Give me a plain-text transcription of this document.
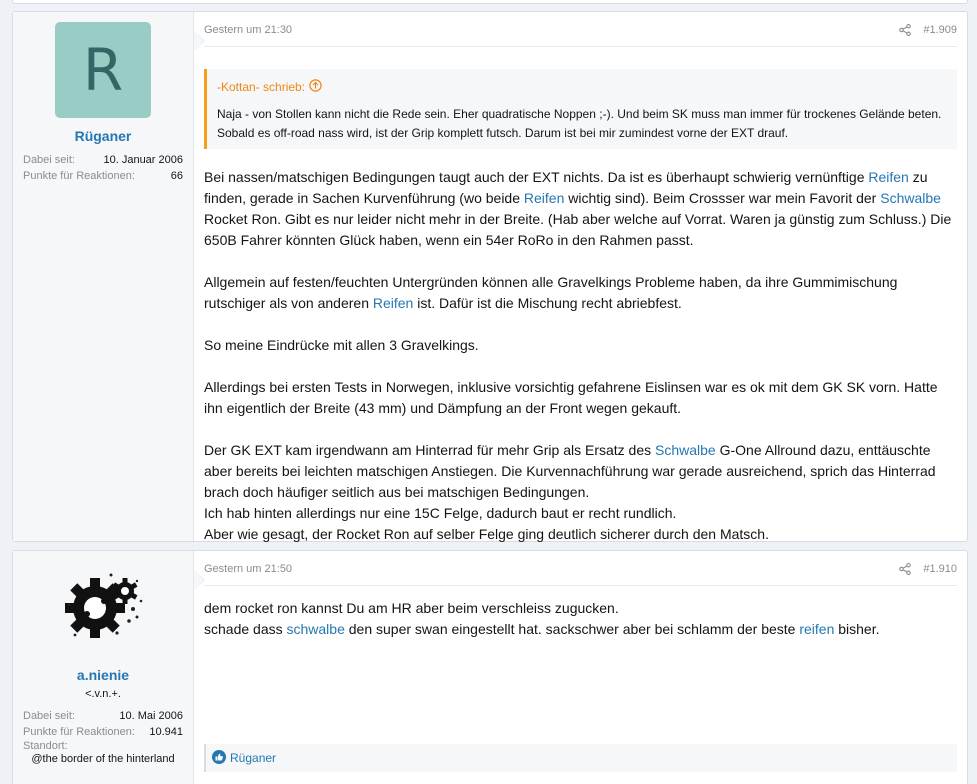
R
Rüganer
Dabei seit:	10. Januar 2006
Punkte für Reaktionen:	66
Gestern um 21:30	#1.909
-Kottan- schrieb:
Naja - von Stollen kann nicht die Rede sein. Eher quadratische Noppen ;-). Und beim SK muss man immer für trockenes Gelände beten. Sobald es off-road nass wird, ist der Grip komplett futsch. Darum ist bei mir zumindest vorne der EXT drauf.

Bei nassen/matschigen Bedingungen taugt auch der EXT nichts. Da ist es überhaupt schwierig vernünftige Reifen zu finden, gerade in Sachen Kurvenführung (wo beide Reifen wichtig sind). Beim Crossser war mein Favorit der Schwalbe Rocket Ron. Gibt es nur leider nicht mehr in der Breite. (Hab aber welche auf Vorrat. Waren ja günstig zum Schluss.) Die 650B Fahrer könnten Glück haben, wenn ein 54er RoRo in den Rahmen passt.

Allgemein auf festen/feuchten Untergründen können alle Gravelkings Probleme haben, da ihre Gummimischung rutschiger als von anderen Reifen ist. Dafür ist die Mischung recht abriebfest.

So meine Eindrücke mit allen 3 Gravelkings.

Allerdings bei ersten Tests in Norwegen, inklusive vorsichtig gefahrene Eislinsen war es ok mit dem GK SK vorn. Hatte ihn eigentlich der Breite (43 mm) und Dämpfung an der Front wegen gekauft.

Der GK EXT kam irgendwann am Hinterrad für mehr Grip als Ersatz des Schwalbe G-One Allround dazu, enttäuschte aber bereits bei leichten matschigen Anstiegen. Die Kurvennachführung war gerade ausreichend, sprich das Hinterrad brach doch häufiger seitlich aus bei matschigen Bedingungen.
Ich hab hinten allerdings nur eine 15C Felge, dadurch baut er recht rundlich.
Aber wie gesagt, der Rocket Ron auf selber Felge ging deutlich sicherer durch den Matsch.

a.nienie
<.v.n.+.
Dabei seit:	10. Mai 2006
Punkte für Reaktionen: 10.941
Standort:
@the border of the hinterland
Gestern um 21:50	#1.910
dem rocket ron kannst Du am HR aber beim verschleiss zugucken.
schade dass schwalbe den super swan eingestellt hat. sackschwer aber bei schlamm der beste reifen bisher.
Rüganer
